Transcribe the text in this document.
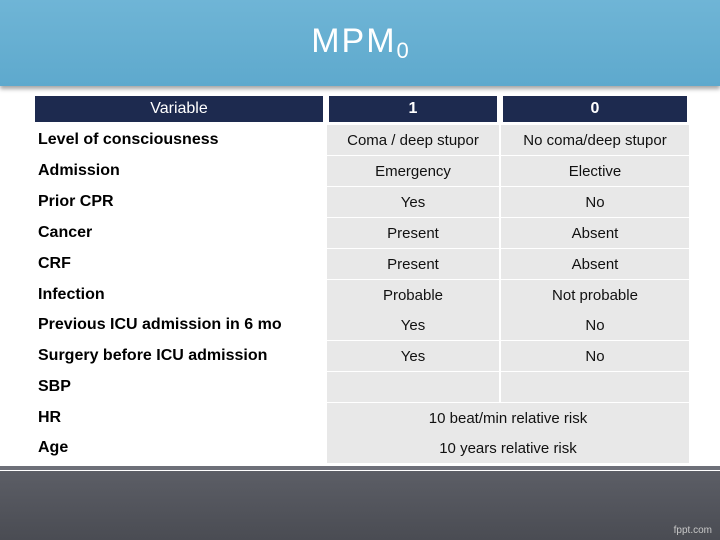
$MPM_0$
Variable	1	0
Level of consciousness	Coma / deep stupor	No coma/deep stupor
Admission	Emergency	Elective
Prior CPR	Yes	No
Cancer	Present	Absent
CRF	Present	Absent
Infection	Probable	Not probable
Previous ICU admission in 6 mo	Yes	No
Surgery before ICU admission	Yes	No
SBP
HR	10 beat/min relative risk
Age	10 years relative risk
fppt.com
